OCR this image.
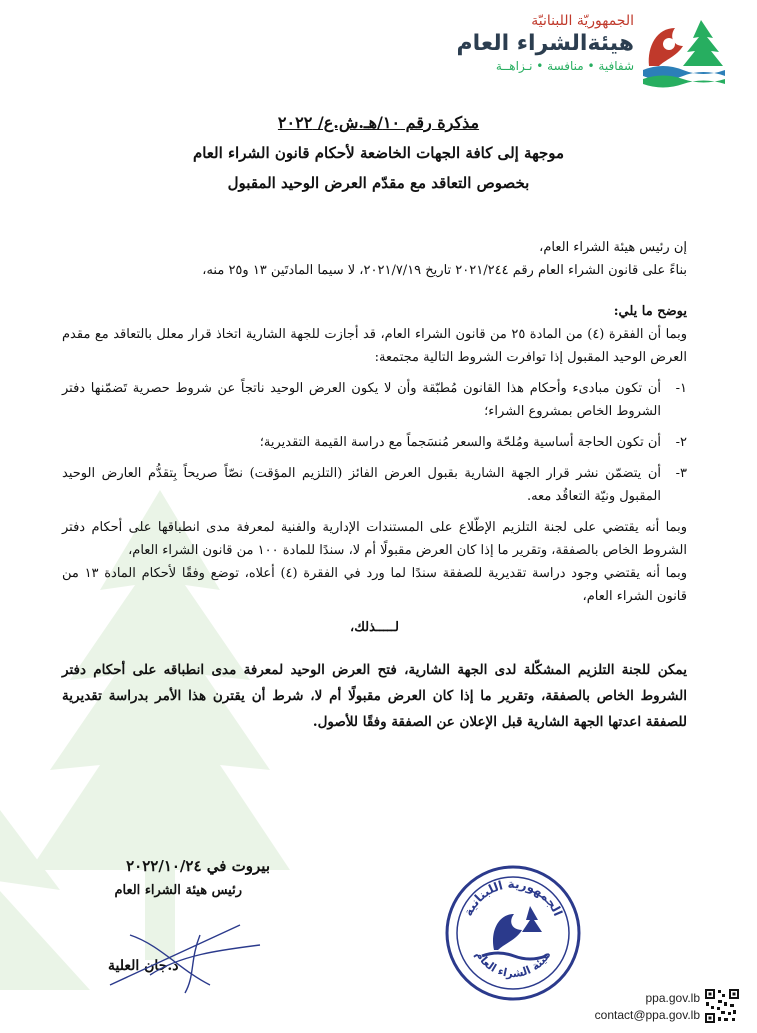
الجمهوريّة اللبنانيّة
هيئةالشراء العام
شفافية • منافسة • نـزاهــة
مذكرة رقم ١٠/هـ.ش.ع/ ٢٠٢٢
موجهة إلى كافة الجهات الخاضعة لأحكام قانون الشراء العام
بخصوص التعاقد مع مقدّم العرض الوحيد المقبول

إن رئيس هيئة الشراء العام،

بناءً على قانون الشراء العام رقم ٢٠٢١/٢٤٤ تاريخ ٢٠٢١/٧/١٩، لا سيما المادتَين ١٣ و٢٥ منه،

يوضح ما يلي:

وبما أن الفقرة (٤) من المادة ٢٥ من قانون الشراء العام، قد أجازت للجهة الشارية اتخاذ قرار معلل بالتعاقد مع مقدم العرض الوحيد المقبول إذا توافرت الشروط التالية مجتمعة:

١-
أن تكون مبادىء وأحكام هذا القانون مُطبّقة وأن لا يكون العرض الوحيد ناتجاً عن شروط حصرية تَضمّنها دفتر الشروط الخاص بمشروع الشراء؛
٢-
أن تكون الحاجة أساسية ومُلحّة والسعر مُنسَجماً مع دراسة القيمة التقديرية؛
٣-
أن يتضمّن نشر قرار الجهة الشارية بقبول العرض الفائز (التلزيم المؤقت) نصّاً صريحاً بِتقدُّم العارض الوحيد المقبول ونيّة التعاقُد معه.

وبما أنه يقتضي على لجنة التلزيم الإطّلاع على المستندات الإدارية والفنية لمعرفة مدى انطباقها على أحكام دفتر الشروط الخاص بالصفقة، وتقرير ما إذا كان العرض مقبولًا أم لا، سندًا للمادة ١٠٠ من قانون الشراء العام،

وبما أنه يقتضي وجود دراسة تقديرية للصفقة سندًا لما ورد في الفقرة (٤) أعلاه، توضع وفقًا لأحكام المادة ١٣ من قانون الشراء العام،

لـــــذلك،

يمكن للجنة التلزيم المشكّلة لدى الجهة الشارية، فتح العرض الوحيد لمعرفة مدى انطباقه على أحكام دفتر الشروط الخاص بالصفقة، وتقرير ما إذا كان العرض مقبولًا أم لا، شرط أن يقترن هذا الأمر بدراسة تقديرية للصفقة اعدتها الجهة الشارية قبل الإعلان عن الصفقة وفقًا للأصول.

بيروت في ٢٠٢٢/١٠/٢٤
رئيس هيئة الشراء العام
د.جان العلية
الجمهورية اللبنانية
هيئة الشراء العام
ppa.gov.lb
contact@ppa.gov.lb
